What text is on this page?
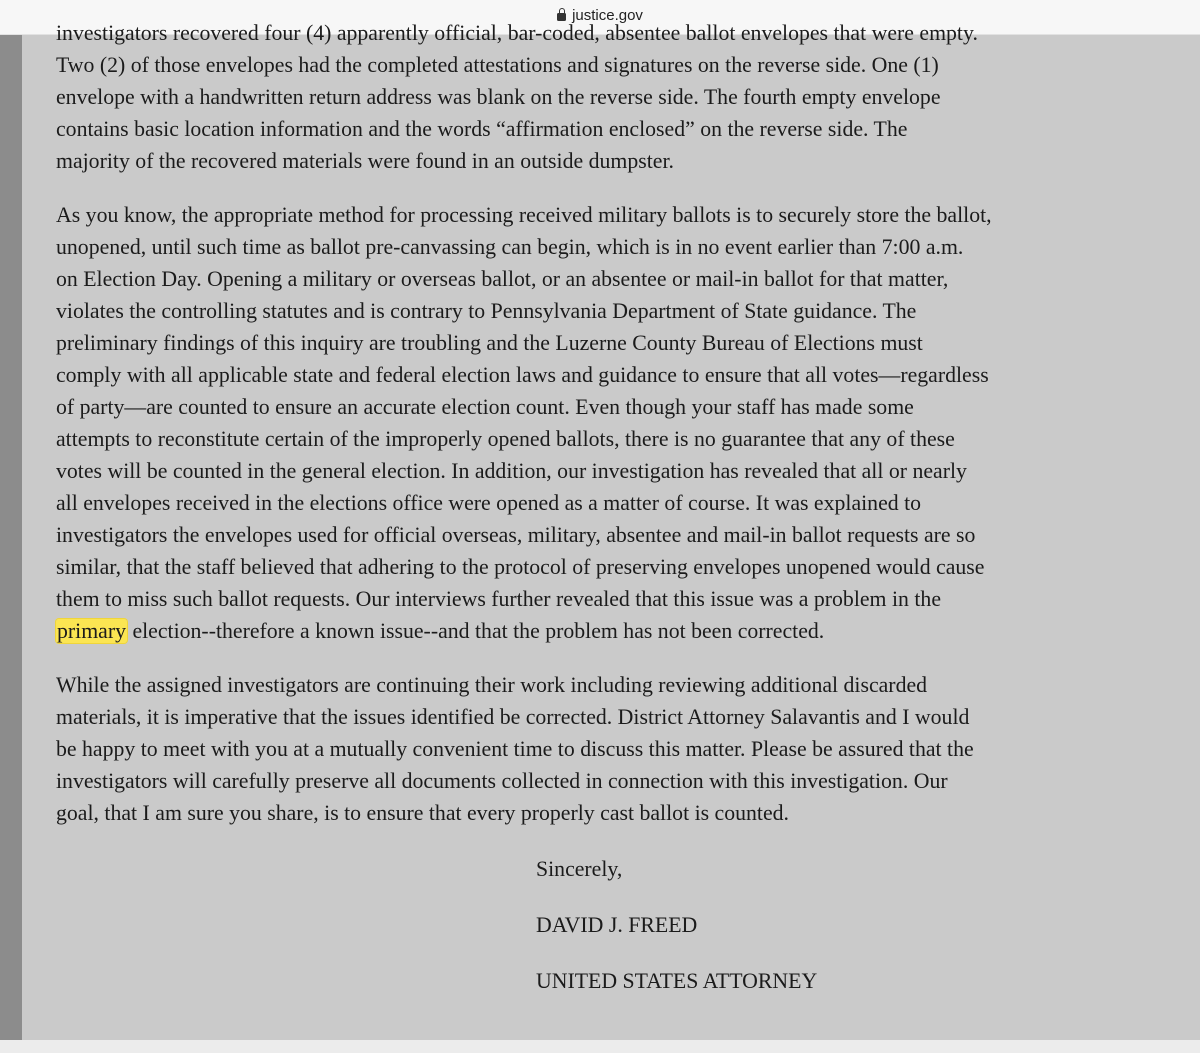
justice.gov

investigators recovered four (4) apparently official, bar-coded, absentee ballot envelopes that were empty.
Two (2) of those envelopes had the completed attestations and signatures on the reverse side. One (1)
envelope with a handwritten return address was blank on the reverse side. The fourth empty envelope
contains basic location information and the words “affirmation enclosed” on the reverse side. The
majority of the recovered materials were found in an outside dumpster.

As you know, the appropriate method for processing received military ballots is to securely store the ballot,
unopened, until such time as ballot pre-canvassing can begin, which is in no event earlier than 7:00 a.m.
on Election Day. Opening a military or overseas ballot, or an absentee or mail-in ballot for that matter,
violates the controlling statutes and is contrary to Pennsylvania Department of State guidance. The
preliminary findings of this inquiry are troubling and the Luzerne County Bureau of Elections must
comply with all applicable state and federal election laws and guidance to ensure that all votes—regardless
of party—are counted to ensure an accurate election count. Even though your staff has made some
attempts to reconstitute certain of the improperly opened ballots, there is no guarantee that any of these
votes will be counted in the general election. In addition, our investigation has revealed that all or nearly
all envelopes received in the elections office were opened as a matter of course. It was explained to
investigators the envelopes used for official overseas, military, absentee and mail-in ballot requests are so
similar, that the staff believed that adhering to the protocol of preserving envelopes unopened would cause
them to miss such ballot requests. Our interviews further revealed that this issue was a problem in the
primary election--therefore a known issue--and that the problem has not been corrected.

While the assigned investigators are continuing their work including reviewing additional discarded
materials, it is imperative that the issues identified be corrected. District Attorney Salavantis and I would
be happy to meet with you at a mutually convenient time to discuss this matter. Please be assured that the
investigators will carefully preserve all documents collected in connection with this investigation. Our
goal, that I am sure you share, is to ensure that every properly cast ballot is counted.

Sincerely,
DAVID J. FREED
UNITED STATES ATTORNEY
